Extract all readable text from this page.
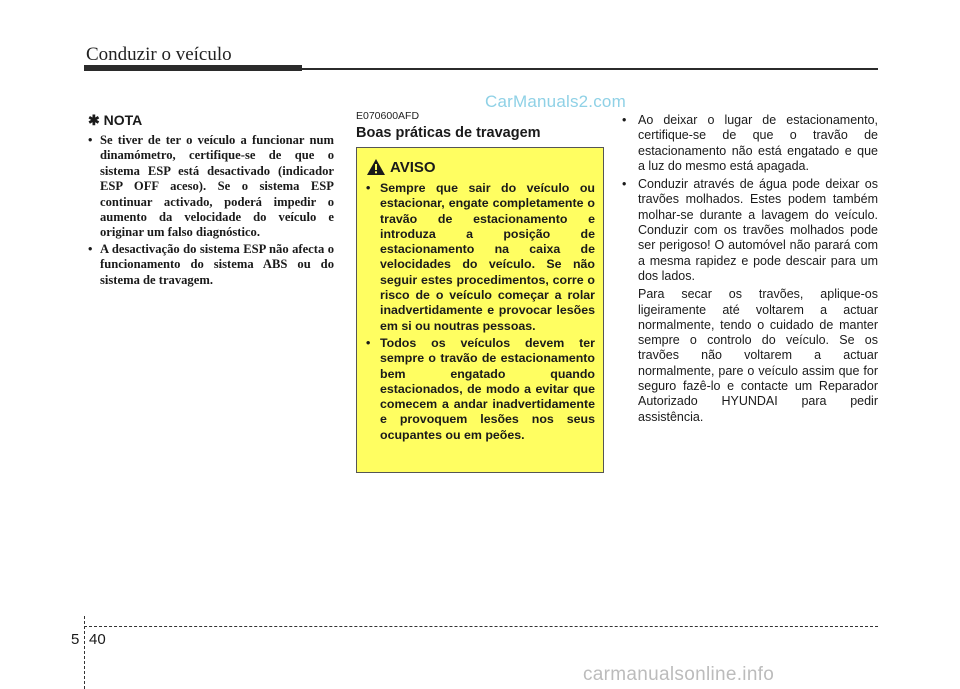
Conduzir o veículo
CarManuals2.com
✱ NOTA
• Se tiver de ter o veículo a funcionar num dinamómetro, certifique-se de que o sistema ESP está desactivado (indicador ESP OFF aceso). Se o sistema ESP continuar activado, poderá impedir o aumento da velocidade do veículo e originar um falso diagnóstico.
• A desactivação do sistema ESP não afecta o funcionamento do sistema ABS ou do sistema de travagem.

E070600AFD

Boas práticas de travagem
AVISO
• Sempre que sair do veículo ou estacionar, engate completamente o travão de estacionamento e introduza a posição de estacionamento na caixa de velocidades do veículo. Se não seguir estes procedimentos, corre o risco de o veículo começar a rolar inadvertidamente e provocar lesões em si ou noutras pessoas.
• Todos os veículos devem ter sempre o travão de estacionamento bem engatado quando estacionados, de modo a evitar que comecem a andar inadvertidamente e provoquem lesões nos seus ocupantes ou em peões.
• Ao deixar o lugar de estacionamento, certifique-se de que o travão de estacionamento não está engatado e que a luz do mesmo está apagada.
• Conduzir através de água pode deixar os travões molhados. Estes podem também molhar-se durante a lavagem do veículo. Conduzir com os travões molhados pode ser perigoso! O automóvel não parará com a mesma rapidez e pode descair para um dos lados.

Para secar os travões, aplique-os ligeiramente até voltarem a actuar normalmente, tendo o cuidado de manter sempre o controlo do veículo. Se os travões não voltarem a actuar normalmente, pare o veículo assim que for seguro fazê-lo e contacte um Reparador Autorizado HYUNDAI para pedir assistência.

5 40
carmanualsonline.info
